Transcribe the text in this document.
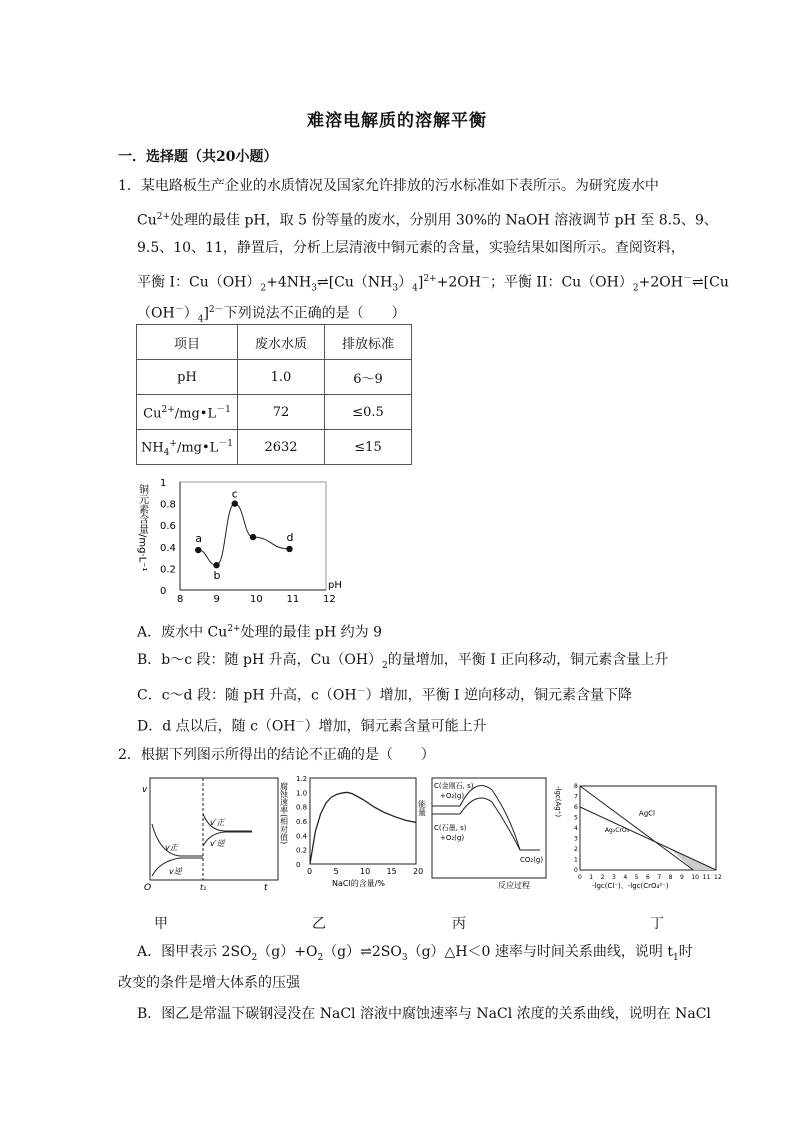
难溶电解质的溶解平衡
一．选择题（共20小题）
1．某电路板生产企业的水质情况及国家允许排放的污水标准如下表所示。为研究废水中
$Cu^{2+}$处理的最佳 pH，取 5 份等量的废水，分别用 30%的 NaOH 溶液调节 pH 至 8.5、9、
9.5、10、11，静置后，分析上层清液中铜元素的含量，实验结果如图所示。查阅资料，
平衡 I：$Cu(OH)_2+4NH_3\rightleftharpoons[Cu(NH_3)_4]^{2+}+2OH^-$；平衡 II：$Cu(OH)_2+2OH^-\rightleftharpoons[Cu$
$(OH^-)_4]^{2-}$下列说法不正确的是（　　）
项目	废水水质	排放标准
pH	1.0	6～9
$Cu^{2+}/mg•L^{-1}$	72	≤0.5
$NH_4^+/mg•L^{-1}$	2632	≤15
8	9	10 11 12
0
0.2
0.4
0.6
0.8
1
pH
铜元素含量/mg·L⁻¹	a
b
c
d
A．废水中 $Cu^{2+}$处理的最佳 pH 约为 9
B．b～c 段：随 pH 升高，$Cu(OH)_2$的量增加，平衡 I 正向移动，铜元素含量上升
C．c～d 段：随 pH 升高，c（OH－）增加，平衡 I 逆向移动，铜元素含量下降
D．d 点以后，随 c（OH－）增加，铜元素含量可能上升
2．根据下列图示所得出的结论不正确的是（　　）
v
O	t
t₁
v正
v逆
v′正
v′逆
0	5	10 15 20
0
0.2
0.4
0.6
0.8
1.0
1.2
NaCl的含量/%
腐蚀速率(相对值)	能量
反应过程
C(金刚石, s)
+O₂(g)
C(石墨, s)
+O₂(g)
CO₂(g)
0 1 2 3 4 5 6 7 8 9 10 11 12
0
1
2
3
4
5
6
7
8
-lgc(Cl⁻)、-lgc(CrO₄²⁻)
-lgc(Ag⁺)	AgCl
Ag₂CrO₄
甲	乙	丙	丁
A．图甲表示 $2SO_2(g)+O_2(g)\rightleftharpoons 2SO_3(g)\triangle H<0$ 速率与时间关系曲线，说明 $t_1$时
改变的条件是增大体系的压强
B．图乙是常温下碳钢浸没在 NaCl 溶液中腐蚀速率与 NaCl 浓度的关系曲线，说明在 NaCl
